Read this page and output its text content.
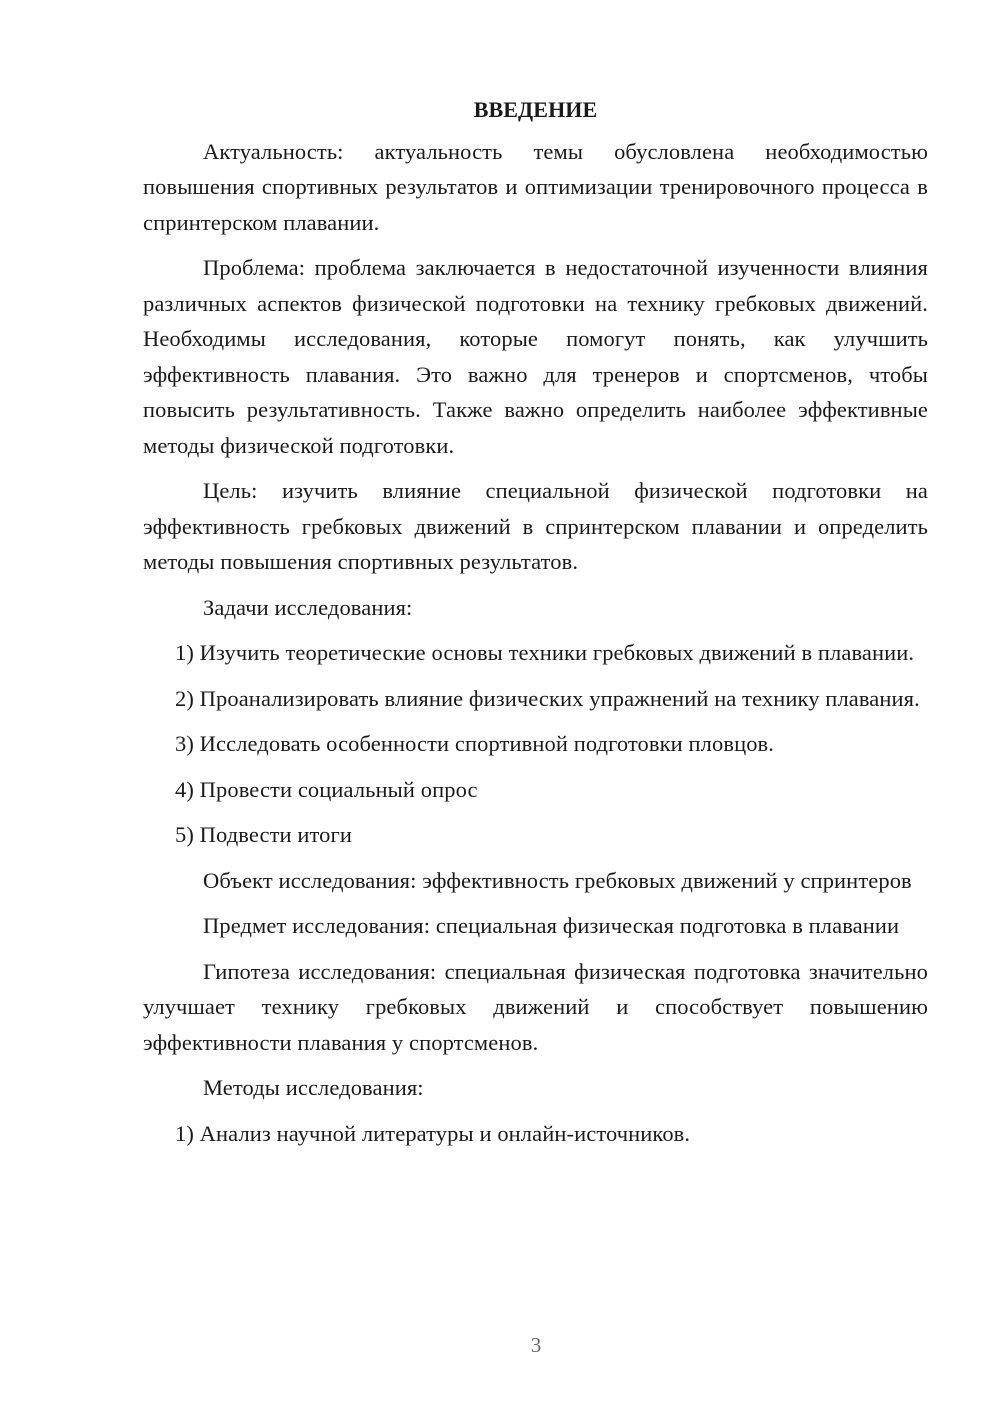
ВВЕДЕНИЕ

Актуальность: актуальность темы обусловлена необходимостью повышения спортивных результатов и оптимизации тренировочного процесса в спринтерском плавании.

Проблема: проблема заключается в недостаточной изученности влияния различных аспектов физической подготовки на технику гребковых движений. Необходимы исследования, которые помогут понять, как улучшить эффективность плавания. Это важно для тренеров и спортсменов, чтобы повысить результативность. Также важно определить наиболее эффективные методы физической подготовки.

Цель: изучить влияние специальной физической подготовки на эффективность гребковых движений в спринтерском плавании и определить методы повышения спортивных результатов.

Задачи исследования:

1) Изучить теоретические основы техники гребковых движений в плавании.

2) Проанализировать влияние физических упражнений на технику плавания.

3) Исследовать особенности спортивной подготовки пловцов.

4) Провести социальный опрос

5) Подвести итоги

Объект исследования: эффективность гребковых движений у спринтеров

Предмет исследования: специальная физическая подготовка в плавании

Гипотеза исследования: специальная физическая подготовка значительно улучшает технику гребковых движений и способствует повышению эффективности плавания у спортсменов.

Методы исследования:

1) Анализ научной литературы и онлайн-источников.

3
